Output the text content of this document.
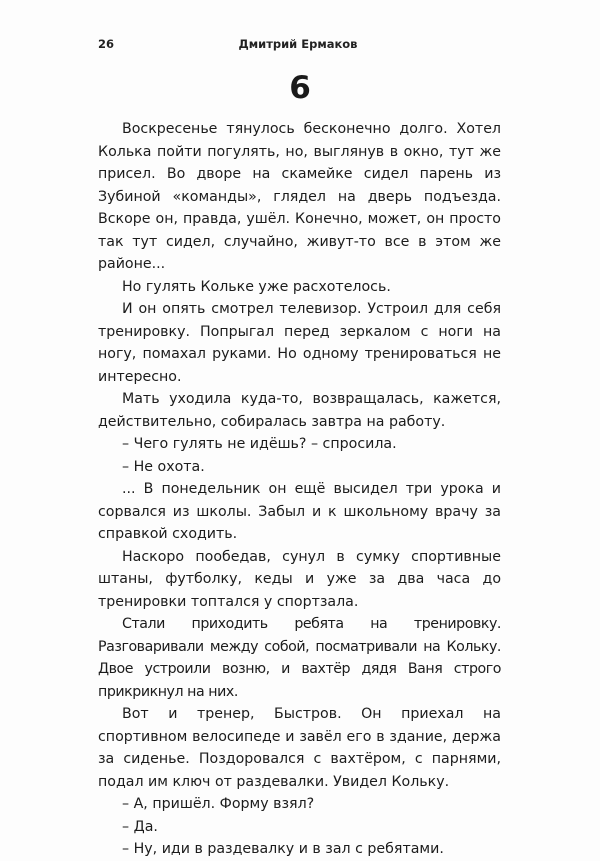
26	Дмитрий Ермаков
6

Воскресенье тянулось бесконечно долго. Хотел Колька пойти погулять, но, выглянув в окно, тут же присел. Во дворе на скамейке сидел парень из Зубиной «команды», глядел на дверь подъезда. Вскоре он, правда, ушёл. Конечно, может, он просто так тут сидел, случайно, живут-то все в этом же районе...

Но гулять Кольке уже расхотелось.

И он опять смотрел телевизор. Устроил для себя тренировку. Попрыгал перед зеркалом с ноги на ногу, помахал руками. Но одному тренироваться не интересно.

Мать уходила куда-то, возвращалась, кажется, действительно, собиралась завтра на работу.

– Чего гулять не идёшь? – спросила.

– Не охота.

... В понедельник он ещё высидел три урока и сорвался из школы. Забыл и к школьному врачу за справкой сходить.

Наскоро пообедав, сунул в сумку спортивные штаны, футболку, кеды и уже за два часа до тренировки топтался у спортзала.

Стали приходить ребята на тренировку. Разговаривали между собой, посматривали на Кольку. Двое устроили возню, и вахтёр дядя Ваня строго прикрикнул на них.

Вот и тренер, Быстров. Он приехал на спортивном велосипеде и завёл его в здание, держа за сиденье. Поздоровался с вахтёром, с парнями, подал им ключ от раздевалки. Увидел Кольку.

– А, пришёл. Форму взял?

– Да.

– Ну, иди в раздевалку и в зал с ребятами.
